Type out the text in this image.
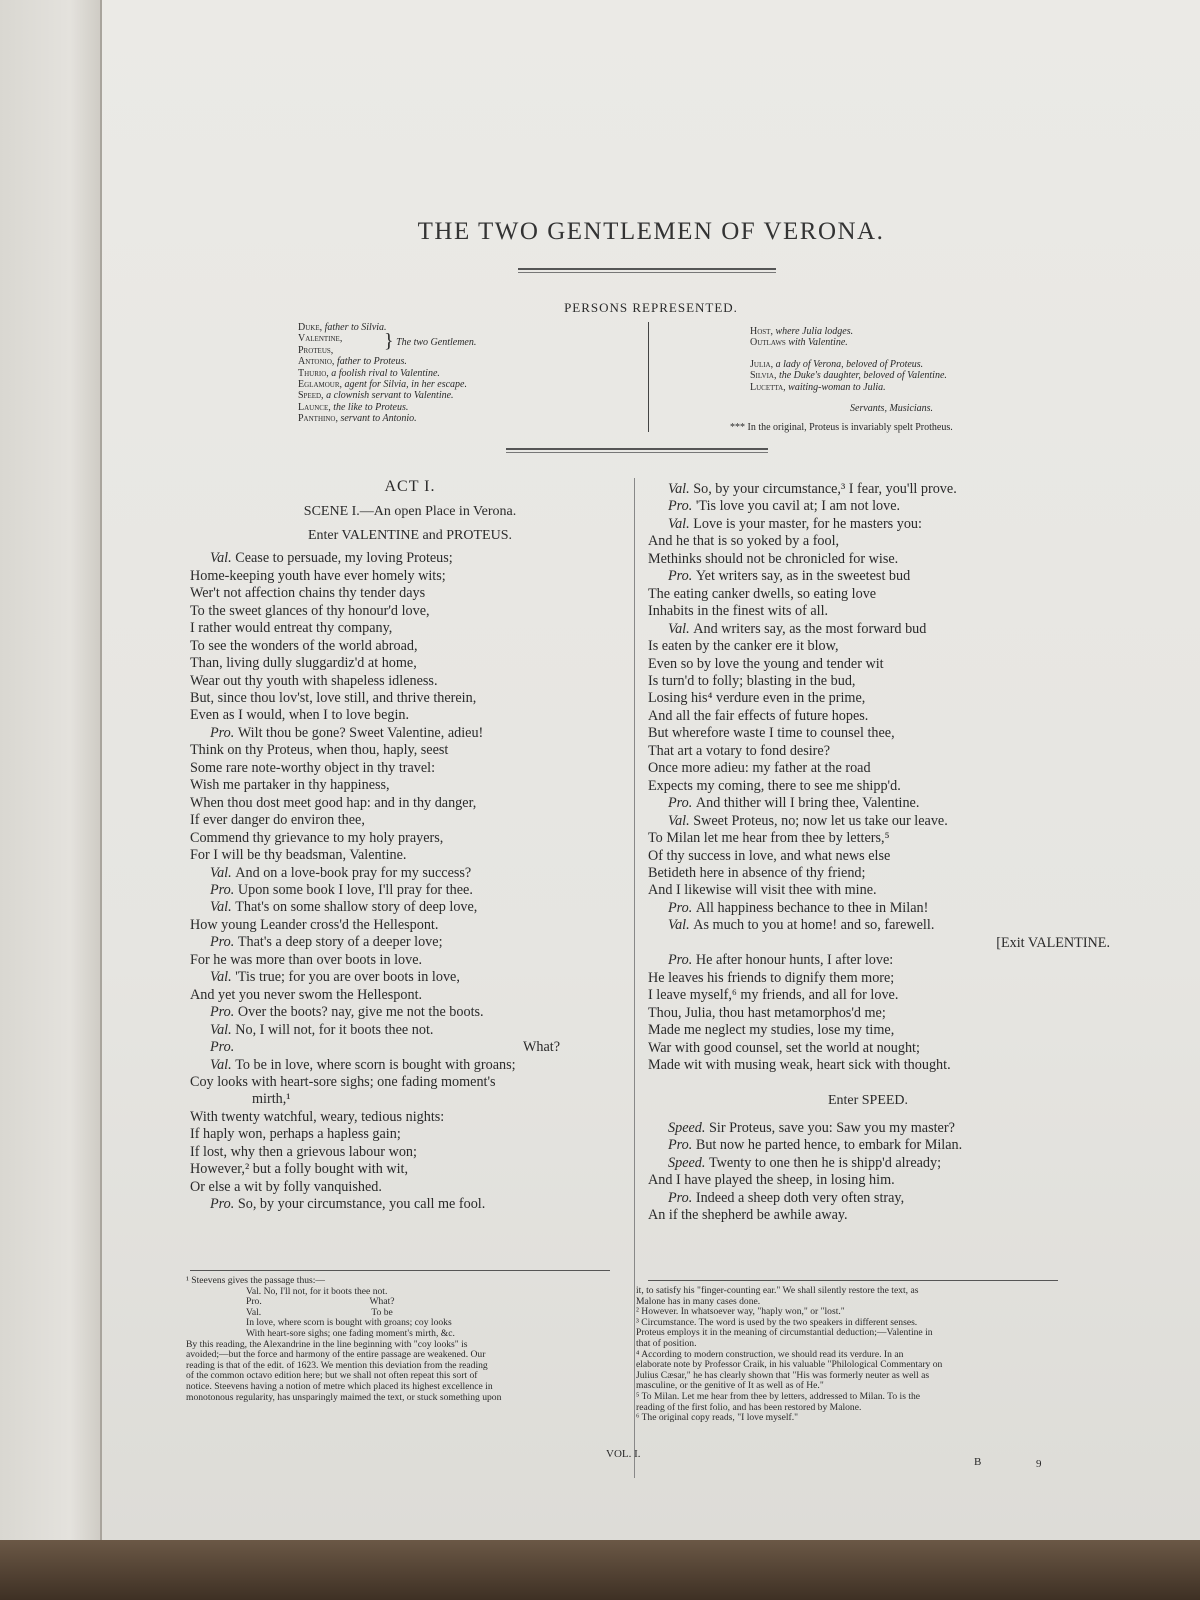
THE TWO GENTLEMEN OF VERONA.
PERSONS REPRESENTED.
Duke, father to Silvia.
Valentine,
Proteus,
Antonio, father to Proteus.
Thurio, a foolish rival to Valentine.
Eglamour, agent for Silvia, in her escape.
Speed, a clownish servant to Valentine.
Launce, the like to Proteus.
Panthino, servant to Antonio.
} The two Gentlemen.
Host, where Julia lodges.
Outlaws with Valentine.
Julia, a lady of Verona, beloved of Proteus.
Silvia, the Duke's daughter, beloved of Valentine.
Lucetta, waiting-woman to Julia.
Servants, Musicians.
*** In the original, Proteus is invariably spelt Protheus.
ACT I.
SCENE I.—An open Place in Verona.
Enter VALENTINE and PROTEUS.
Val. Cease to persuade, my loving Proteus;
Home-keeping youth have ever homely wits;
Wer't not affection chains thy tender days
To the sweet glances of thy honour'd love,
I rather would entreat thy company,
To see the wonders of the world abroad,
Than, living dully sluggardiz'd at home,
Wear out thy youth with shapeless idleness.
But, since thou lov'st, love still, and thrive therein,
Even as I would, when I to love begin.
Pro. Wilt thou be gone? Sweet Valentine, adieu!
Think on thy Proteus, when thou, haply, seest
Some rare note-worthy object in thy travel:
Wish me partaker in thy happiness,
When thou dost meet good hap: and in thy danger,
If ever danger do environ thee,
Commend thy grievance to my holy prayers,
For I will be thy beadsman, Valentine.
Val. And on a love-book pray for my success?
Pro. Upon some book I love, I'll pray for thee.
Val. That's on some shallow story of deep love,
How young Leander cross'd the Hellespont.
Pro. That's a deep story of a deeper love;
For he was more than over boots in love.
Val. 'Tis true; for you are over boots in love,
And yet you never swom the Hellespont.
Pro. Over the boots? nay, give me not the boots.
Val. No, I will not, for it boots thee not.
Pro.	What?
Val. To be in love, where scorn is bought with groans;
Coy looks with heart-sore sighs; one fading moment's
mirth,¹
With twenty watchful, weary, tedious nights:
If haply won, perhaps a hapless gain;
If lost, why then a grievous labour won;
However,² but a folly bought with wit,
Or else a wit by folly vanquished.
Pro. So, by your circumstance, you call me fool.
Val. So, by your circumstance,³ I fear, you'll prove.
Pro. 'Tis love you cavil at; I am not love.
Val. Love is your master, for he masters you:
And he that is so yoked by a fool,
Methinks should not be chronicled for wise.
Pro. Yet writers say, as in the sweetest bud
The eating canker dwells, so eating love
Inhabits in the finest wits of all.
Val. And writers say, as the most forward bud
Is eaten by the canker ere it blow,
Even so by love the young and tender wit
Is turn'd to folly; blasting in the bud,
Losing his⁴ verdure even in the prime,
And all the fair effects of future hopes.
But wherefore waste I time to counsel thee,
That art a votary to fond desire?
Once more adieu: my father at the road
Expects my coming, there to see me shipp'd.
Pro. And thither will I bring thee, Valentine.
Val. Sweet Proteus, no; now let us take our leave.
To Milan let me hear from thee by letters,⁵
Of thy success in love, and what news else
Betideth here in absence of thy friend;
And I likewise will visit thee with mine.
Pro. All happiness bechance to thee in Milan!
Val. As much to you at home! and so, farewell.
[Exit VALENTINE.
Pro. He after honour hunts, I after love:
He leaves his friends to dignify them more;
I leave myself,⁶ my friends, and all for love.
Thou, Julia, thou hast metamorphos'd me;
Made me neglect my studies, lose my time,
War with good counsel, set the world at nought;
Made wit with musing weak, heart sick with thought.
Enter SPEED.
Speed. Sir Proteus, save you: Saw you my master?
Pro. But now he parted hence, to embark for Milan.
Speed. Twenty to one then he is shipp'd already;
And I have played the sheep, in losing him.
Pro. Indeed a sheep doth very often stray,
An if the shepherd be awhile away.
¹ Steevens gives the passage thus:—
Val. No, I'll not, for it boots thee not.
Pro.                                             What?
Val.                                              To be
In love, where scorn is bought with groans; coy looks
With heart-sore sighs; one fading moment's mirth, &c.
By this reading, the Alexandrine in the line beginning with "coy looks" is
avoided;—but the force and harmony of the entire passage are weakened. Our
reading is that of the edit. of 1623. We mention this deviation from the reading
of the common octavo edition here; but we shall not often repeat this sort of
notice. Steevens having a notion of metre which placed its highest excellence in
monotonous regularity, has unsparingly maimed the text, or stuck something upon
it, to satisfy his "finger-counting ear." We shall silently restore the text, as
Malone has in many cases done.
² However. In whatsoever way, "haply won," or "lost."
³ Circumstance. The word is used by the two speakers in different senses.
Proteus employs it in the meaning of circumstantial deduction;—Valentine in
that of position.
⁴ According to modern construction, we should read its verdure. In an
elaborate note by Professor Craik, in his valuable "Philological Commentary on
Julius Cæsar," he has clearly shown that "His was formerly neuter as well as
masculine, or the genitive of It as well as of He."
⁵ To Milan. Let me hear from thee by letters, addressed to Milan. To is the
reading of the first folio, and has been restored by Malone.
⁶ The original copy reads, "I love myself."
VOL. I.
B	9
